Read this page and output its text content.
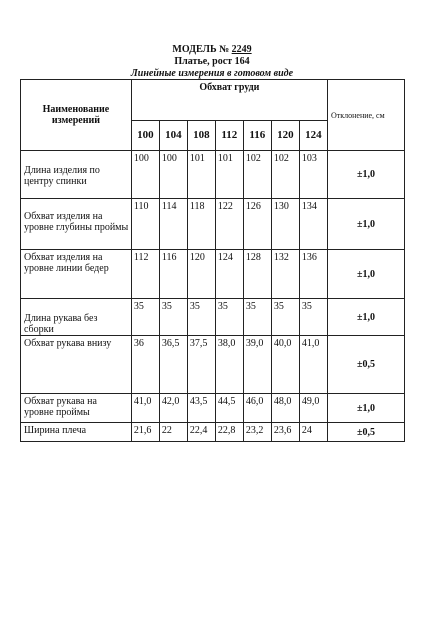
МОДЕЛЬ № 2249
Платье, рост 164
Линейные измерения в готовом виде
Наименование измерений	Обхват груди							Отклонение, см
	100	104	108	112	116	120	124	

Длина изделия по центру спинки	100	100	101	101	102	102	103	±1,0
Обхват изделия на уровне глубины проймы	110	114	118	122	126	130	134	±1,0
Обхват изделия на уровне линии бедер	112	116	120	124	128	132	136	±1,0
Длина рукава без сборки	35	35	35	35	35	35	35	±1,0
Обхват рукава внизу	36	36,5	37,5	38,0	39,0	40,0	41,0	±0,5
Обхват рукава на уровне проймы	41,0	42,0	43,5	44,5	46,0	48,0	49,0	±1,0
Ширина плеча	21,6	22	22,4	22,8	23,2	23,6	24	±0,5
